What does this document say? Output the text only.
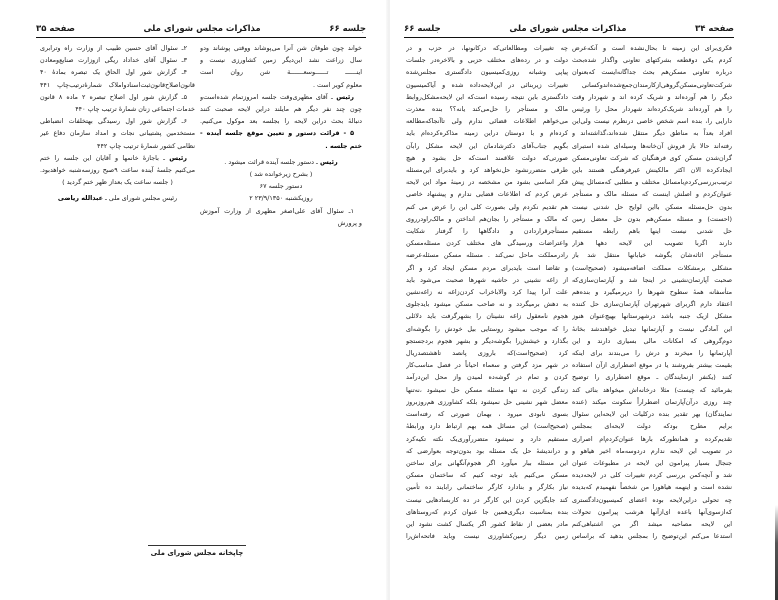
جلسه ۶۶
مذاکرات مجلس شورای ملی
صفحه ۳۵
خواند چون طوفان شن آنرا می‌پوشاند ووقتی پوشاند ودو
سال زراعت نشد این‌دیگر زمین کشاورزی نیست و
اینــــــ تــــــوسعـــــــة شن روان است
معلوم کویر است .
رئیس ـ آقای مظهری‌وقت جلسه امروزتمام شده‌است‌و
چون چند نفر دیگر هم مایلند دراین لایحه صحبت کنند
دنبالهٔ بحث دراین لایحه را بجلسه بعد موکول می‌کنیم.
۵ - قرائت دستور و تعیین موقع جلسه آینده -
ختم جلسه .
رئیس ـ دستور جلسه آینده قرائت میشود .
( بشرح زیرخوانده شد )
دستور جلسه ۶۷
روزیکشنبه ۲۳/۹/۱۳۵۰ ۲
۱ـ سئوال آقای علی‌اصغر مظهری از وزارت آموزش
و پرورش
۲ـ سئوال آقای حسین طبیب از وزارت راه وترابری
۳ـ سئوال آقای خداداد ریگی ازوزارت صنایع‌ومعادن
۴ـ گزارش شور اول الحاق یک تبصره بمادهٔ ۴۰
قانون‌اصلاح‌قانون‌ثبت‌اسنادواملاک شمارهٔ‌ترتیب‌چاپ ۴۴۱
۵ـ گزارش شور اول اصلاح تبصره ۲ ماده ۸ قانون
خدمات اجتماعی زنان شمارهٔ ترتیب چاپ ۴۴۰
۶ـ گزارش شور اول رسیدگی بهتخلفات انضباطی
مستخدمین پشتیبانی نجات و امداد سازمان دفاع غیر
نظامی کشور شمارهٔ ترتیب چاپ ۴۴۲
رئیس ـ باجازهٔ خانمها و آقایان این جلسه را ختم
می‌کنیم جلسهٔ آینده ساعت ۹صبح روزسه‌شنبه خواهدبود.
( جلسه ساعت یک بعداز ظهر ختم گردید )
رئیس مجلس شورای ملی ـ عبدالله ریاضی
چاپخانه مجلس شورای ملی
صفحه ۳۴
مذاکرات مجلس شورای ملی
جلسه ۶۶
فکری‌برای این زمینه تا بحال‌نشده است و آنکه‌عرض
کردم یکی دوقطعه بشرکتهای تعاونی واگذار شده‌بحث
درباره تعاونی مسکن‌هم بحث جداگانه‌ایست که‌بعنوان
شرکت‌تعاونی‌مسکن‌گروهی‌ازکارمندان‌جمع‌شده‌اندوکسانی
دیگر را هم آورده‌اند و شریک کرده اند و شهردار وقت
را هم آورده‌اند شریک‌کرده‌اند شهردار محل را ورئیس
دارایی را، بنده اسم شخص خاصی درنظرم نیست ولی‌این
افراد بعداً به مناطق دیگر منتقل شده‌اند،گذاشته‌اند و
رفته‌اند حالا باز فروش آن‌خانه‌ها وسیله‌ای شده استبرای
گران‌شدن مسکن کوی فرهنگیان که شرکت تعاونی‌مسکن
ایجادکرده الان اکثر مالکینش غیرفرهنگی هستند باین
ترتیب‌بررسی‌کردم‌بامسائل مختلف و مطلبی که‌مسائل پیش
عنوان‌کردم و اصلش اینست که مسئله مالک و مستأجر
بدون حل‌مسئله مسکن بااین لوایح حل شدنی نیست
(احسنت) و مسئله مسکن‌هم بدون حل معضل زمین
حل شدنی نیست اینها باهم رابطه مستقیم
دارند اگربا تصویب این لایحه دهها هزار
مستأجر اثاثه‌شان بگوشه خیابانها منتقل شد باز
مشکلی برمشکلات مملکت اضافه‌میشود (صحیح‌است)
صحبت آپارتمان‌نشینی در اینجا شد و آپارتمان‌سازی‌که
متأسفانه همهٔ سطوح شهرها را دربرمیگیرد و بنده‌هم
اعتقاد دارم اگربرای شهرتهران آپارتمان‌سازی حل کننده
مشکل ازیک جنبه باشد درشهرستانها بهیچ‌عنوان هنوز
این آمادگی نیست و آپارتمانها تبدیل خواهندشد بخانهٔ
دوم‌گروهی که امکانات مالی بسیاری دارند و این
آپارتمانها را میخرند و درش را می‌بندند برای اینکه
بقیمت بیشتر بفروشند یا در موقع اضطراری ازآن استفاده
کنند (یکنفر ازنمایندگان ـ موقع اضطراری را توضیح
بفرمائید که چیست) مثلا درخانه‌اش میخواهد بنائی کند
چند روزی درآن‌آپارتمان اضطراراً سکونت میکند (عنده
نمایندگان) بهر تقدیر بنده درکلیات این لایحه‌این سئوال
برایم مطرح بودکه دولت لایحه‌ای بمجلس
تقدیم‌کرده و همانطورکه بارها عنوان‌کردم‌ام اصراری
در تصویب این لایحه ندارم دردوسه‌ماه اخیر هیاهو و
جنجال بسیار پیرامون این لایحه در مطبوعات عنوان
شد و آنچه‌کمن بررسی کردم تغییرات کلی در لایحه‌دیده
نشده است و اینهمه هیاهورا من شخصاً نفهمیدم که‌بدیده
چه تحولی دراین‌لایحه بوده اعضای کمیسیون‌دادگستری
که‌ازسوی‌آنها باعده ای‌ازآنها هرشب پیرامون تحولات
این لایحه مصاحبه میشد اگر من اشتباهی‌کنم
استدعا می‌کنم این‌توضیح را بمجلس بدهید که براساس
چه تغییرات ومطالعاتی‌که درکانونها، در حزب و در
دولت و در رده‌های مختلف حزبی و بالاخره‌در جلسات
پیاپی وشبانه روزی‌کمیسیون دادگستری مجلس‌شده
تغییرات زیربنائی در این‌لایحه‌داده شده و آیاکمیسیون
دادگستری باین نتیجه رسیده است‌که این لایحه‌مشکل‌روابط
مالک و مستأجر را حل‌می‌کند یانه؟؟ بنده معذرت
می‌خواهم اطلاعات قضائی ندارم ولی تاآنجاکه‌مطالعه
کرده‌ام و با دوستان دراین زمینه مذاکره‌کرده‌ام باید
بگویم جناب‌آقای دکترشادمان این لایحه مشکل رابآن
صورتی‌که دولت علاقمند است‌که حل بشود و هیچ
طرفی متضررنشود حل‌نخواهد کرد و بایدبرای این‌مسئله
فکر اساسی بشود من مشخصه در زمینهٔ مواد این لایحه
عرض کردم که اطلاعات قضایی ندارم و پیشنهاد خاصی
هم تقدیم نکردم ولی بصورت کلی این را عرض می کنم
که مالک و مستأجر را بجان‌هم انداختن و مالک‌راودرروی
مستأجرقراردادن و دادگاهها را گرفتار شکایت
واعتراضات ورسیدگی های مختلف کردن مسئله‌مسکن
رادرمملکت ماحل نمی‌کند . مسئله مسکن مسئله‌عرضه
و تقاضا است بایدبرای مردم مسکن ایجاد کرد و اگر
از زاغه نشینی در حاشیه شهرها صحبت می‌شود باید
علت آنرا پیدا کرد والاباخراب کردن‌زاغه نه زاغه‌نشین
به دهش برمیگردد و نه صاحب مسکن میشود بایدجلوی
هجوم نامعقول زاغه نشینان را بشهرگرفت باید دلائلی
را که موجب میشود روستایی بیل خودش را بگوشه‌ای
بگذارد و خیشش‌را بگوشه‌دیگر و بشهر هجوم بردجستجو
کرد (صحیح‌است)که باروزی پانصد تاهشتصدریال
در شهر مزد گرفتن و سعماء احیاناً در فصل مناسب‌کار
کردن و تمام در گوشه‌ده لمیدن واز محل این‌درآمد
زندگی کردن نه تنها مسئله مسکن حل نمیشود ،نه‌تنها
معضل شهر نشینی حل نمیشود بلکه کشاورزی هم‌روزبروز
بسوی نابودی میرود ، بهمان صورتی که رفته‌است
(صحیح‌است) این مسائل همه بهم ارتباط دارد ورابطهٔ
مستقیم دارد و نمیشود متضررآوری‌یک نکته تکیه‌کرد
و دراندیشهٔ حل یک مسئله بود بدون‌توجه بعوارضی که
این مسئله ببار میآورد اگر هجوم‌آنگهانی برای ساختن
مسکن می‌کنیم باید توجه کنیم که ساختمان مسکن
نیاز بکارگر و بنادارد کارگر ساختمانی رابایند ده تأمین
کند جایگزین کردن این کارگر در ده کاربسادهایی نیست
بنده بمناسبت دیگری‌همین جا عنوان کردم که‌روستاهای
مادر بعضی از نقاط کشور اگر یکسال کشت نشود این
زمین دیگر زمین‌کشاورزی نیست وباید فاتحه‌اش‌را
